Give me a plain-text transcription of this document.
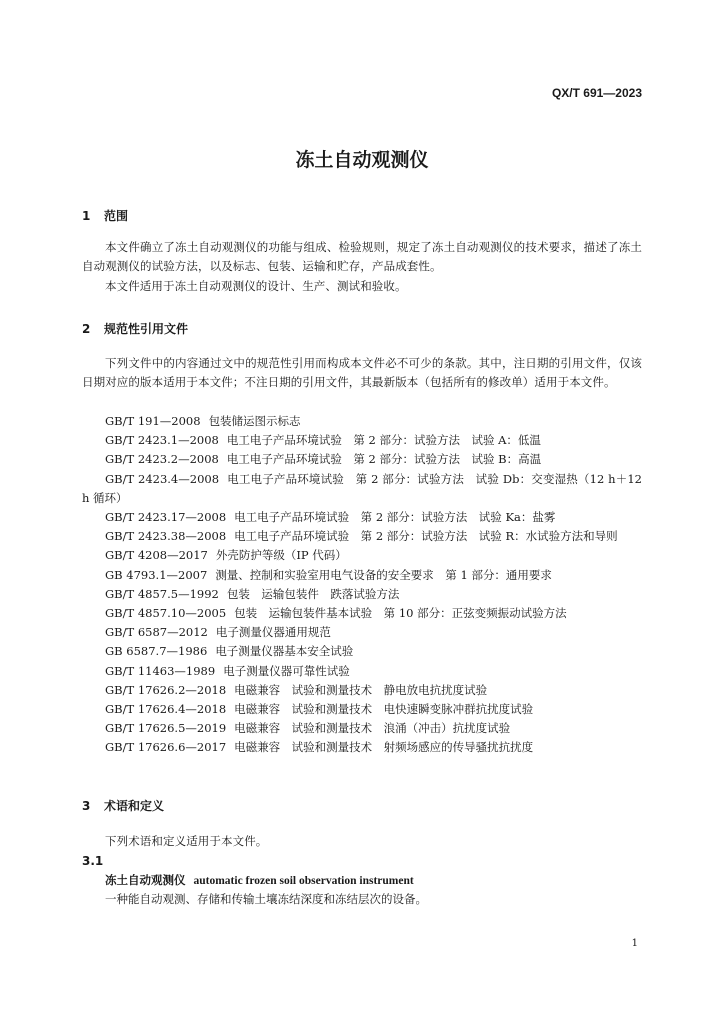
QX/T 691—2023

冻土自动观测仪

1 范围

本文件确立了冻土自动观测仪的功能与组成、检验规则，规定了冻土自动观测仪的技术要求，描述了冻土自动观测仪的试验方法，以及标志、包装、运输和贮存，产品成套性。

本文件适用于冻土自动观测仪的设计、生产、测试和验收。

2 规范性引用文件

下列文件中的内容通过文中的规范性引用而构成本文件必不可少的条款。其中，注日期的引用文件，仅该日期对应的版本适用于本文件；不注日期的引用文件，其最新版本（包括所有的修改单）适用于本文件。

GB/T 191—2008 包装储运图示标志
GB/T 2423.1—2008 电工电子产品环境试验　第 2 部分：试验方法　试验 A：低温
GB/T 2423.2—2008 电工电子产品环境试验　第 2 部分：试验方法　试验 B：高温
GB/T 2423.4—2008 电工电子产品环境试验　第 2 部分：试验方法　试验 Db：交变湿热（12 h＋12 h 循环）
GB/T 2423.17—2008 电工电子产品环境试验　第 2 部分：试验方法　试验 Ka：盐雾
GB/T 2423.38—2008 电工电子产品环境试验　第 2 部分：试验方法　试验 R：水试验方法和导则
GB/T 4208—2017 外壳防护等级（IP 代码）
GB 4793.1—2007 测量、控制和实验室用电气设备的安全要求　第 1 部分：通用要求
GB/T 4857.5—1992 包装　运输包装件　跌落试验方法
GB/T 4857.10—2005 包装　运输包装件基本试验　第 10 部分：正弦变频振动试验方法
GB/T 6587—2012 电子测量仪器通用规范
GB 6587.7—1986 电子测量仪器基本安全试验
GB/T 11463—1989 电子测量仪器可靠性试验
GB/T 17626.2—2018 电磁兼容　试验和测量技术　静电放电抗扰度试验
GB/T 17626.4—2018 电磁兼容　试验和测量技术　电快速瞬变脉冲群抗扰度试验
GB/T 17626.5—2019 电磁兼容　试验和测量技术　浪涌（冲击）抗扰度试验
GB/T 17626.6—2017 电磁兼容　试验和测量技术　射频场感应的传导骚扰抗扰度

3 术语和定义

下列术语和定义适用于本文件。

3.1

冻土自动观测仪 automatic frozen soil observation instrument

一种能自动观测、存储和传输土壤冻结深度和冻结层次的设备。

1
